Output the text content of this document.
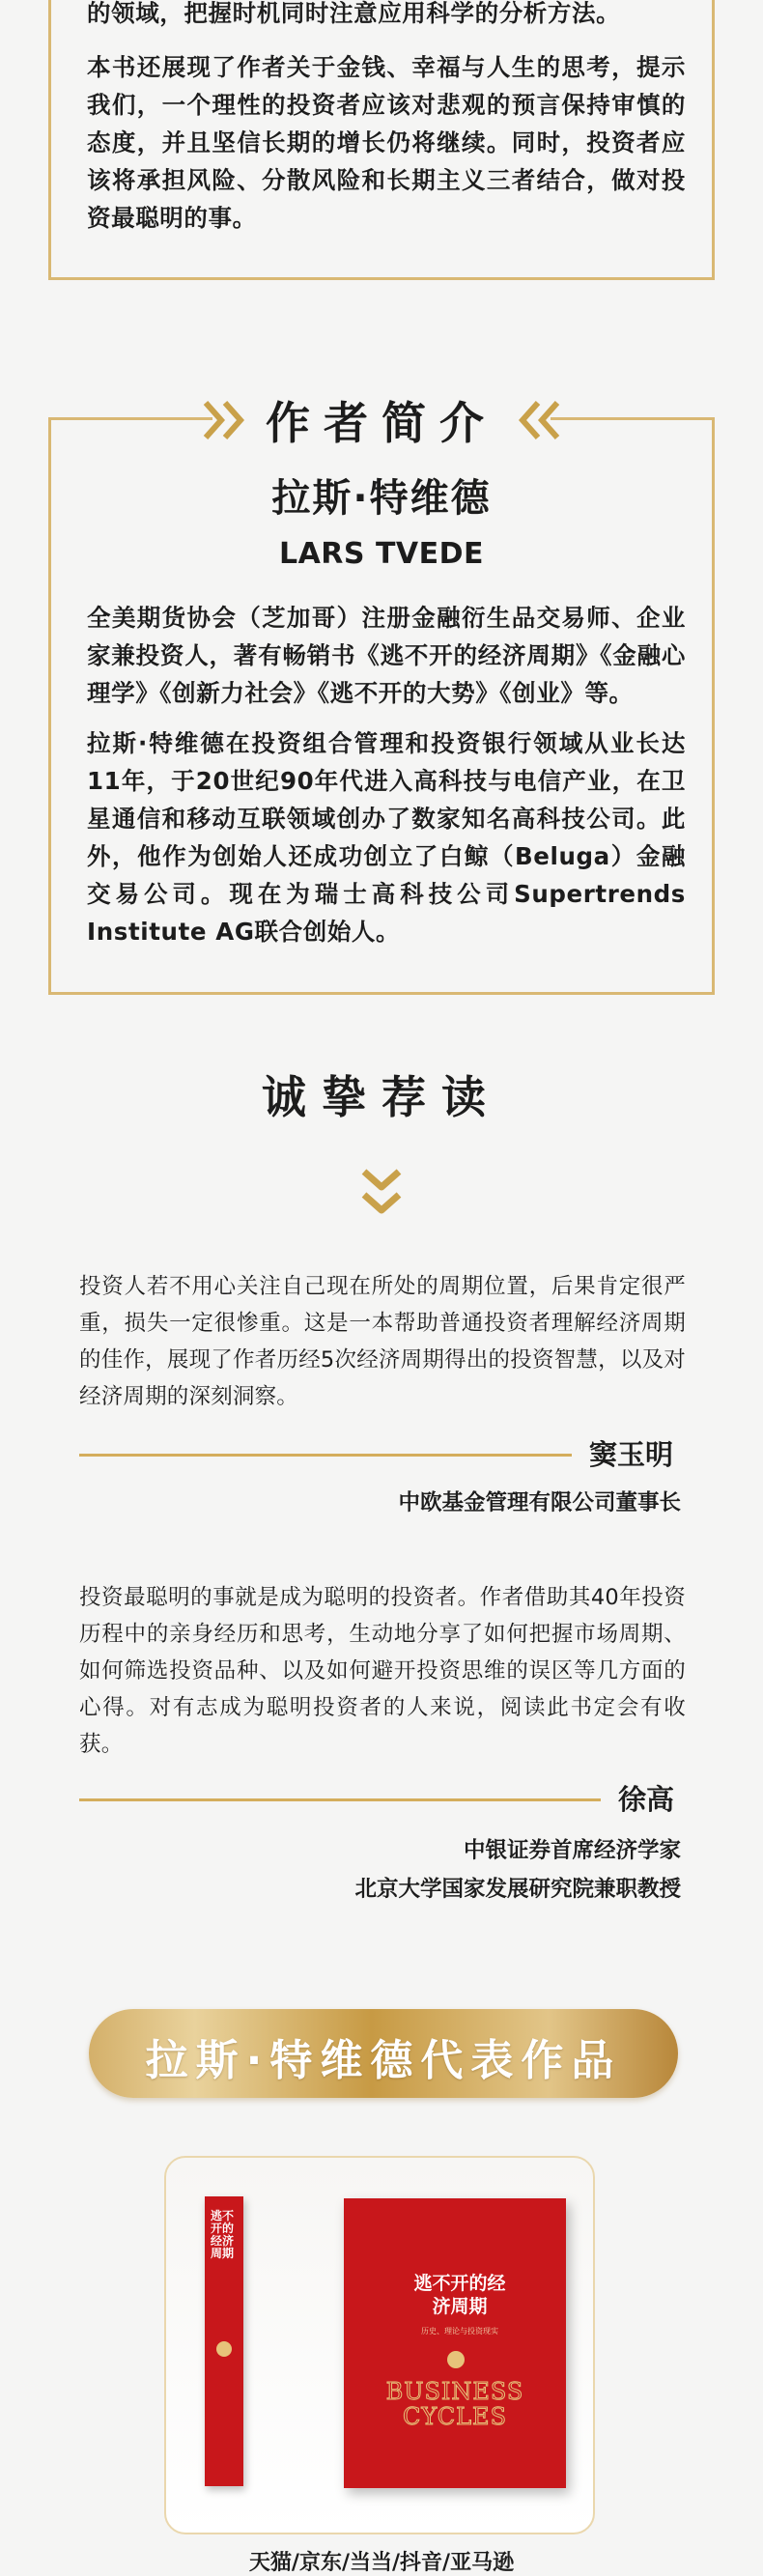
的领域，把握时机同时注意应用科学的分析方法。

本书还展现了作者关于金钱、幸福与人生的思考，提示我们，一个理性的投资者应该对悲观的预言保持审慎的态度，并且坚信长期的增长仍将继续。同时，投资者应该将承担风险、分散风险和长期主义三者结合，做对投资最聪明的事。

作者简介
拉斯·特维德
LARS TVEDE

全美期货协会（芝加哥）注册金融衍生品交易师、企业家兼投资人，著有畅销书《逃不开的经济周期》《金融心理学》《创新力社会》《逃不开的大势》《创业》等。

拉斯·特维德在投资组合管理和投资银行领域从业长达11年，于20世纪90年代进入高科技与电信产业，在卫星通信和移动互联领域创办了数家知名高科技公司。此外，他作为创始人还成功创立了白鲸（Beluga）金融交易公司。现在为瑞士高科技公司Supertrends Institute AG联合创始人。

诚挚荐读

投资人若不用心关注自己现在所处的周期位置，后果肯定很严重，损失一定很惨重。这是一本帮助普通投资者理解经济周期的佳作，展现了作者历经5次经济周期得出的投资智慧，以及对经济周期的深刻洞察。

窦玉明
中欧基金管理有限公司董事长

投资最聪明的事就是成为聪明的投资者。作者借助其40年投资历程中的亲身经历和思考，生动地分享了如何把握市场周期、如何筛选投资品种、以及如何避开投资思维的误区等几方面的心得。对有志成为聪明投资者的人来说，阅读此书定会有收获。

徐高
中银证券首席经济学家
北京大学国家发展研究院兼职教授
拉斯·特维德代表作品
逃不开的经济周期
逃不开的经济周期
历史、理论与投资现实
BUSINESS
CYCLES
天猫/京东/当当/抖音/亚马逊
